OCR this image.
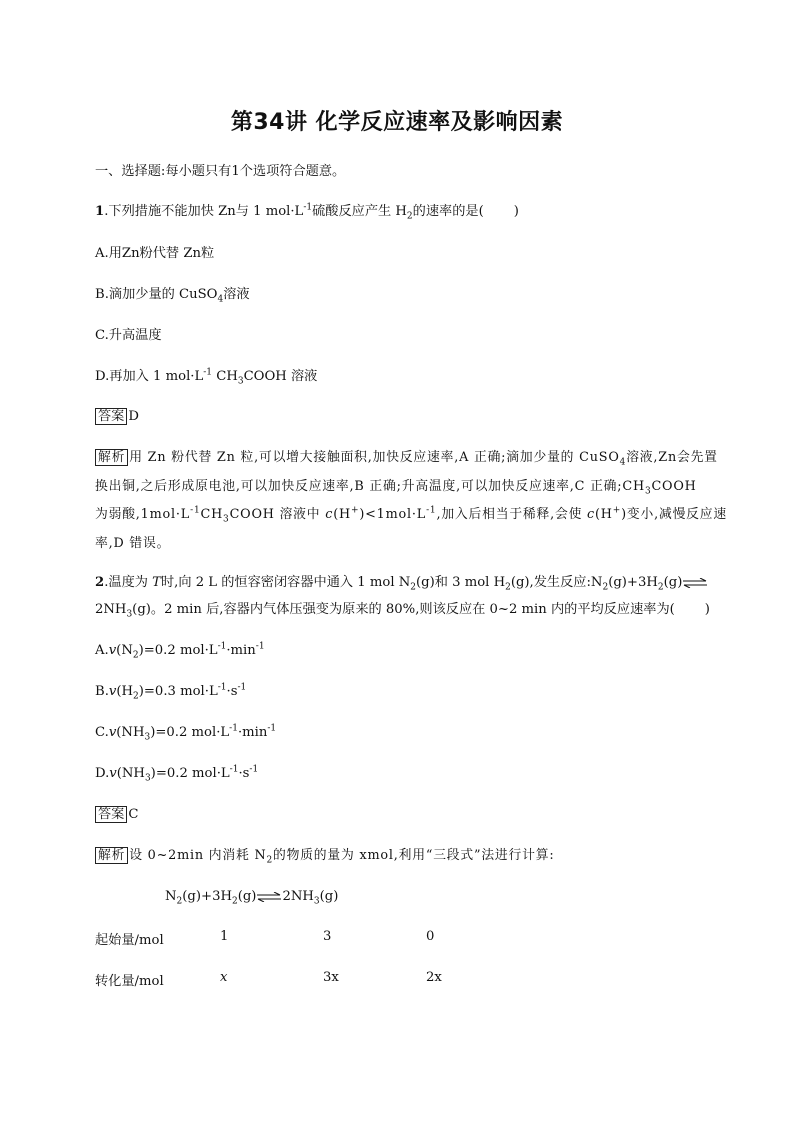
第34讲 化学反应速率及影响因素
一、选择题:每小题只有1个选项符合题意。
1.下列措施不能加快 Zn与 1 $mol\cdot L^{-1}$硫酸反应产生 $H_2$的速率的是( )
A.用Zn粉代替 Zn粒
B.滴加少量的 CuSO$_4$溶液
C.升高温度
D.再加入 1 $mol\cdot L^{-1}$ $CH_3COOH$ 溶液
答案 D
解析 用 Zn 粉代替 Zn 粒,可以增大接触面积,加快反应速率,A 正确;滴加少量的 CuSO$_4$溶液,Zn会先置
换出铜,之后形成原电池,可以加快反应速率,B 正确;升高温度,可以加快反应速率,C 正确$;CH_3COOH$
为弱酸$,1mol\cdot L^{-1}CH_3COOH$ 溶液中 $c(H^+)<1mol\cdot L^{-1}$,加入后相当于稀释,会使 c(H+)变小,减慢反应速
率,D 错误。
2.温度为 T时,向 2 L 的恒容密闭容器中通入 1 mol $N_2(g)$和 3 mol $H_2(g)$,发生反应$:N_2(g)+3H_2(g)\rightleftharpoons$
$2NH_3(g)$。2 min 后,容器内气体压强变为原来的 80%,则该反应在 0~2 min 内的平均反应速率为( )
$A.v(N_2)=0.2$ $mol\cdot L^{-1}\cdot\min^{-1}$
$B.v(H_2)=0.3$ $mol\cdot L^{-1}\cdot s^{-1}$
$C.v(NH_3)=0.2$ $mol\cdot L^{-1}\cdot\min^{-1}$
$D.v(NH_3)=0.2$ $mol\cdot L^{-1}\cdot s^{-1}$
答案 C
解析 设 0~2min 内消耗 $N_2$的物质的量为 xmol,利用“三段式”法进行计算:
$N_2(g)+3H_2(g)\rightleftharpoons 2NH_3(g)$
起始量/mol	1	3	0
转化量/mol	x	3x	2x
